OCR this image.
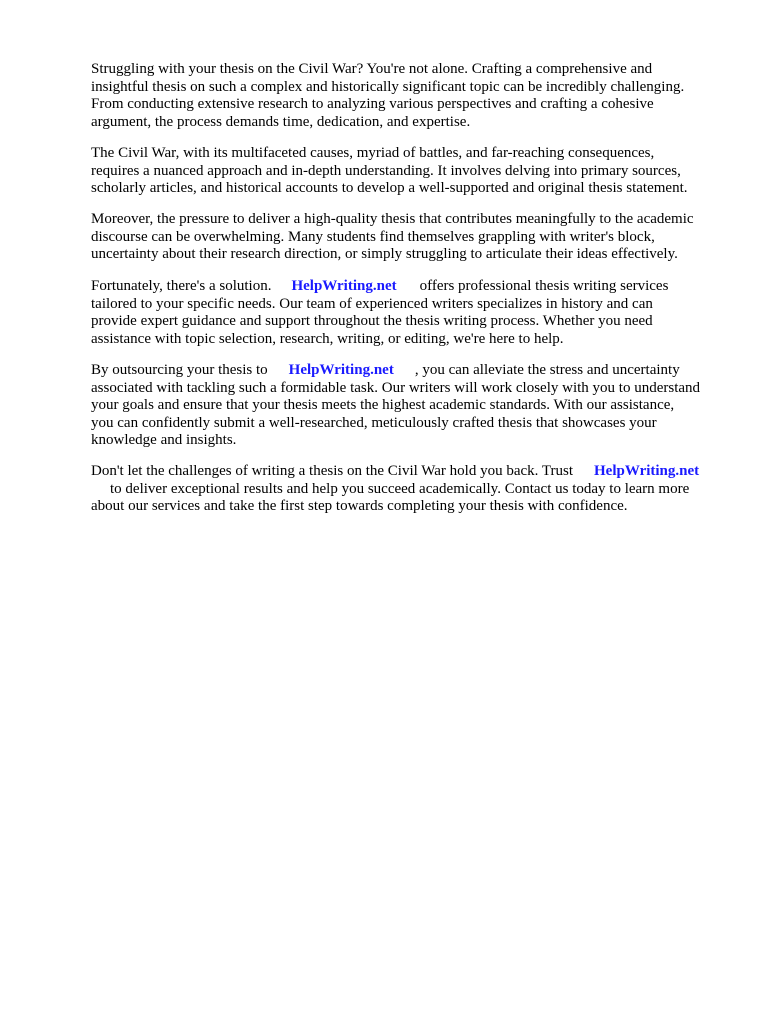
Struggling with your thesis on the Civil War? You're not alone. Crafting a comprehensive and
insightful thesis on such a complex and historically significant topic can be incredibly challenging.
From conducting extensive research to analyzing various perspectives and crafting a cohesive
argument, the process demands time, dedication, and expertise.

The Civil War, with its multifaceted causes, myriad of battles, and far-reaching consequences,
requires a nuanced approach and in-depth understanding. It involves delving into primary sources,
scholarly articles, and historical accounts to develop a well-supported and original thesis statement.

Moreover, the pressure to deliver a high-quality thesis that contributes meaningfully to the academic
discourse can be overwhelming. Many students find themselves grappling with writer's block,
uncertainty about their research direction, or simply struggling to articulate their ideas effectively.

Fortunately, there's a solution. HelpWriting.net offers professional thesis writing services
tailored to your specific needs. Our team of experienced writers specializes in history and can
provide expert guidance and support throughout the thesis writing process. Whether you need
assistance with topic selection, research, writing, or editing, we're here to help.

By outsourcing your thesis to HelpWriting.net , you can alleviate the stress and uncertainty
associated with tackling such a formidable task. Our writers will work closely with you to understand
your goals and ensure that your thesis meets the highest academic standards. With our assistance,
you can confidently submit a well-researched, meticulously crafted thesis that showcases your
knowledge and insights.

Don't let the challenges of writing a thesis on the Civil War hold you back. Trust HelpWriting.net
to deliver exceptional results and help you succeed academically. Contact us today to learn more
about our services and take the first step towards completing your thesis with confidence.
